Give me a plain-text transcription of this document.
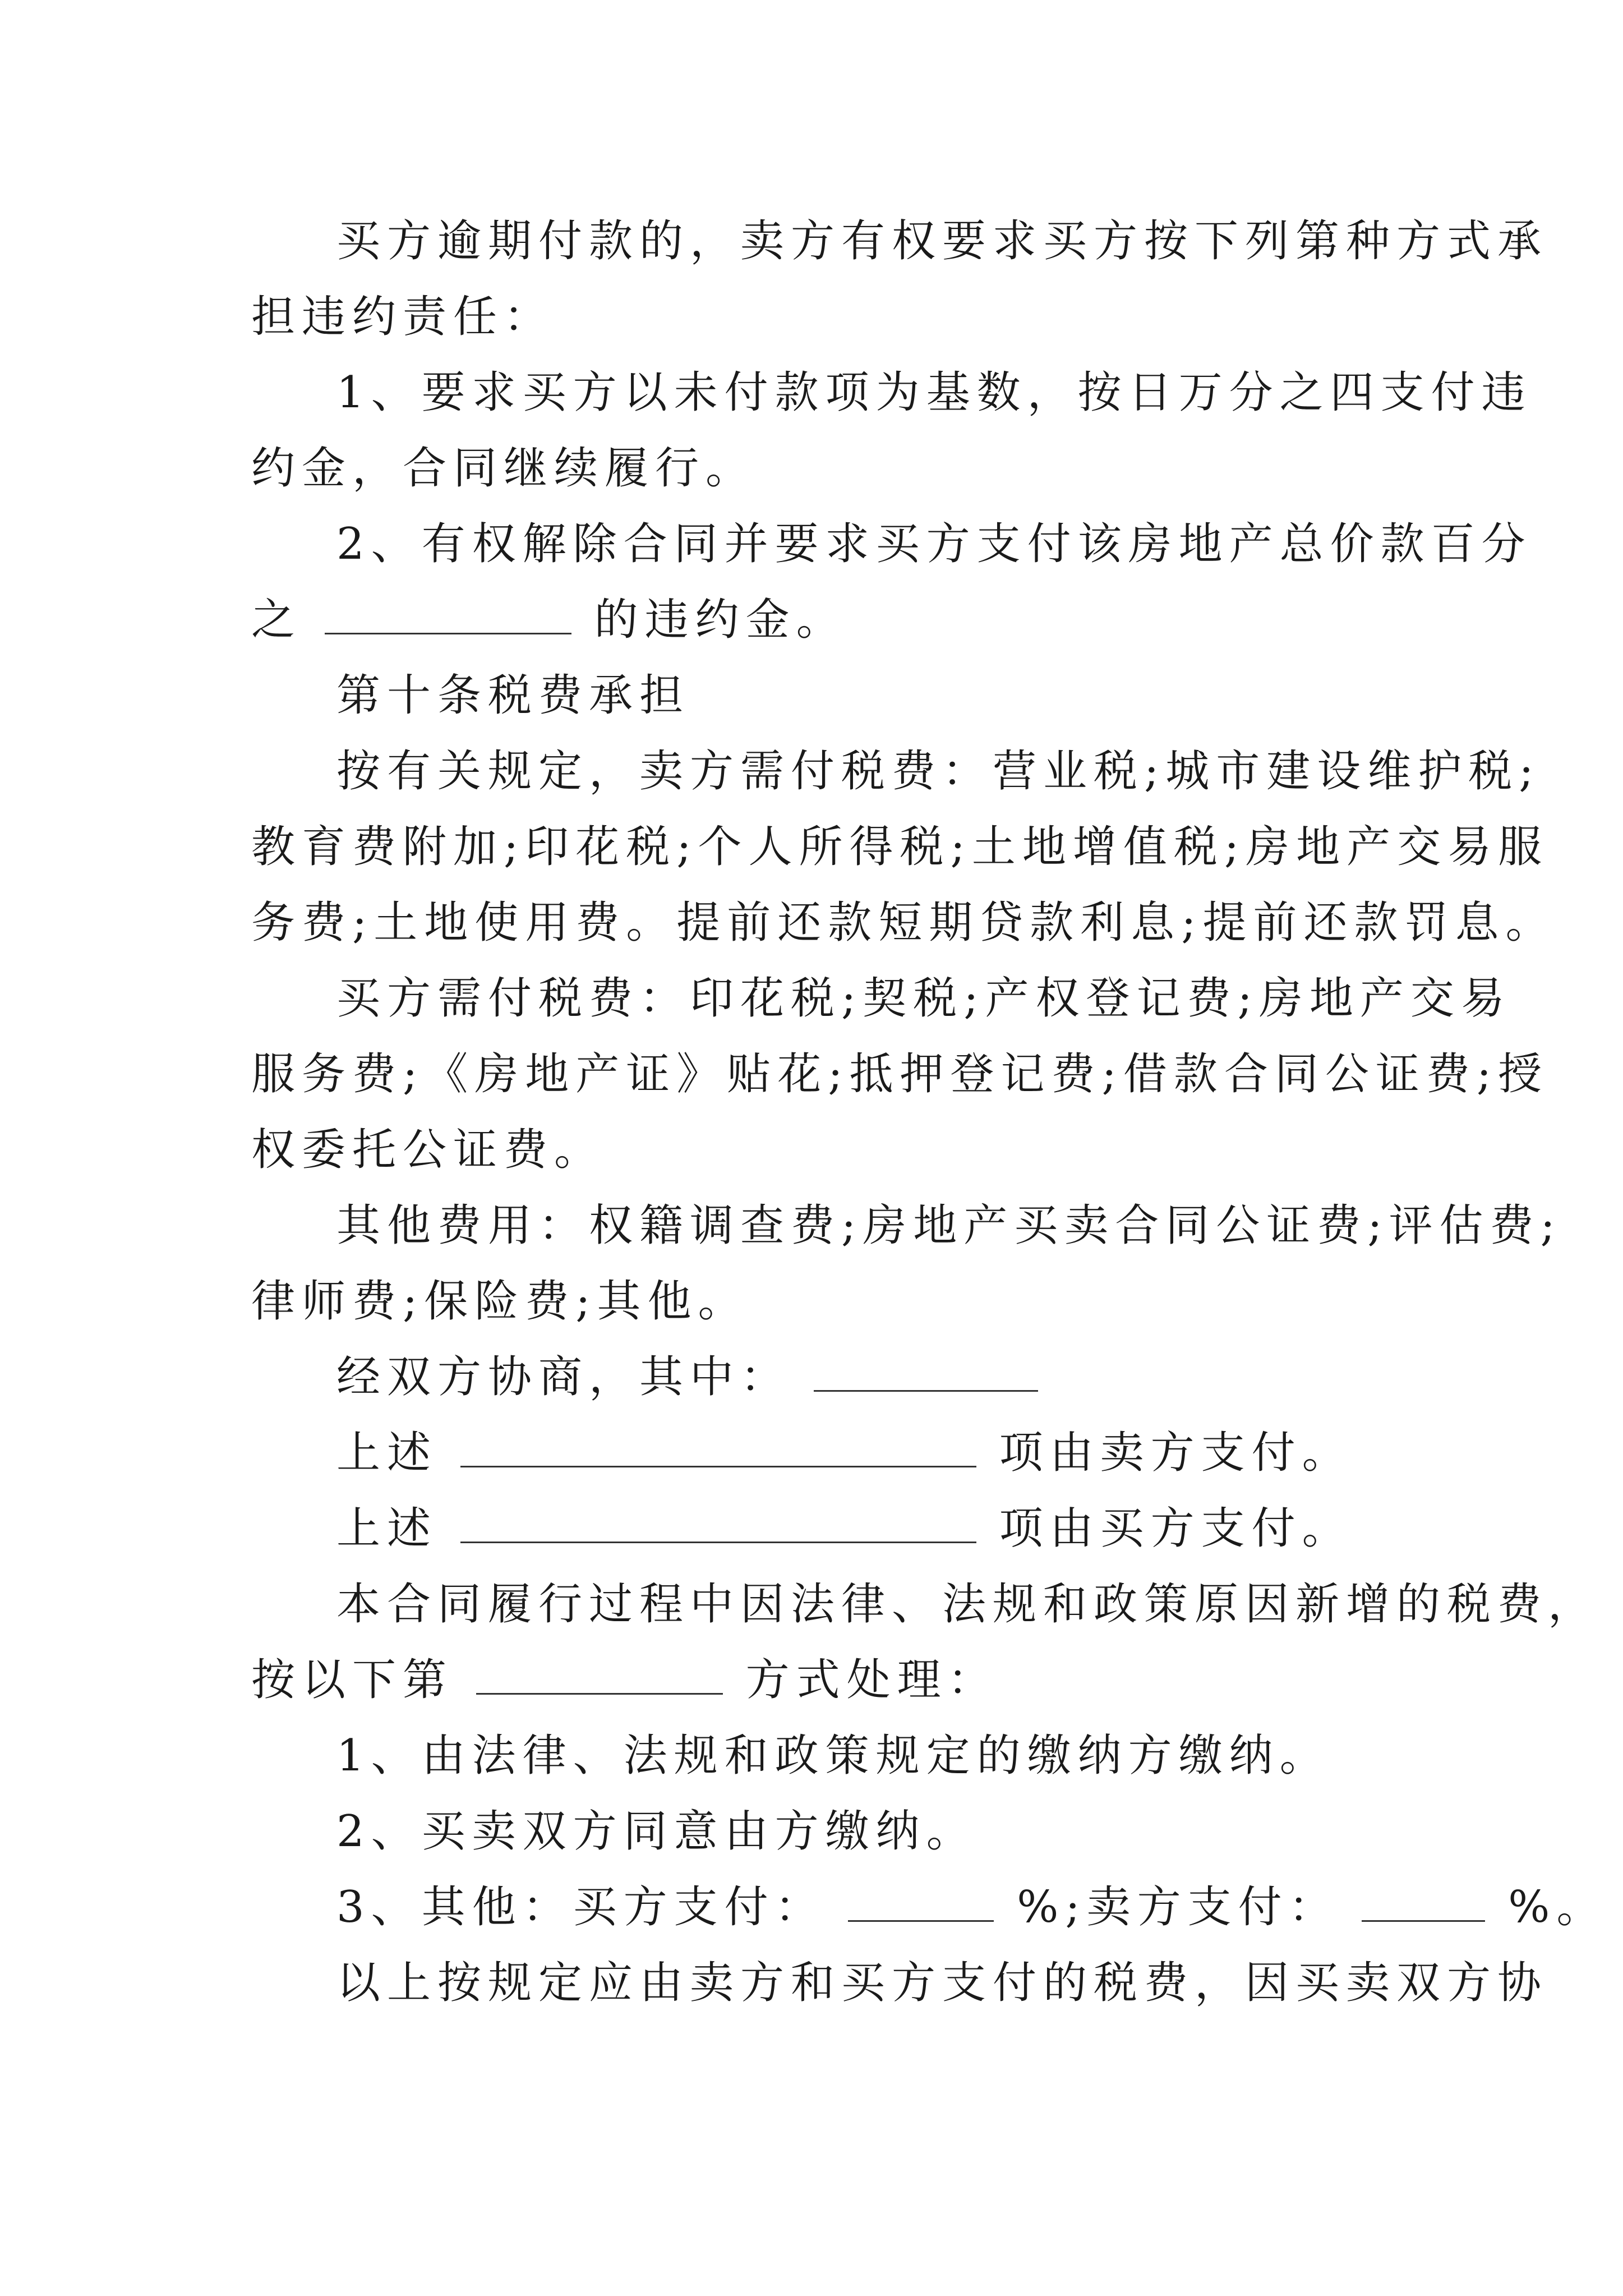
买方逾期付款的，卖方有权要求买方按下列第种方式承
担违约责任：
1、要求买方以未付款项为基数，按日万分之四支付违
约金，合同继续履行。
2、有权解除合同并要求买方支付该房地产总价款百分
之	的违约金。
第十条税费承担
按有关规定，卖方需付税费：营业税;城市建设维护税;
教育费附加;印花税;个人所得税;土地增值税;房地产交易服
务费;土地使用费。提前还款短期贷款利息;提前还款罚息。
买方需付税费：印花税;契税;产权登记费;房地产交易
服务费;《房地产证》贴花;抵押登记费;借款合同公证费;授
权委托公证费。
其他费用：权籍调查费;房地产买卖合同公证费;评估费;
律师费;保险费;其他。
经双方协商，其中：
上述	项由卖方支付。
上述	项由买方支付。
本合同履行过程中因法律、法规和政策原因新增的税费，
按以下第	方式处理：
1、由法律、法规和政策规定的缴纳方缴纳。
2、买卖双方同意由方缴纳。
3、其他：买方支付：	%;卖方支付：	%。
以上按规定应由卖方和买方支付的税费，因买卖双方协
